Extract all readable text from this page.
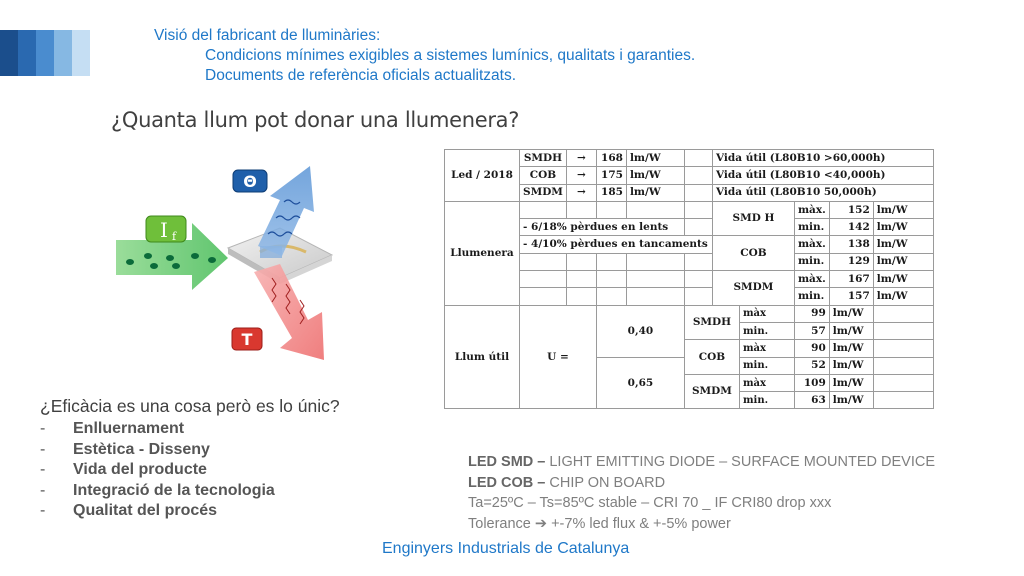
Visió del fabricant de lluminàries:
Condicions mínimes exigibles a sistemes lumínics, qualitats i garanties.
Documents de referència oficials actualitzats.
¿Quanta llum pot donar una llumenera?
Θ
I f
T
Led / 2018	SMDH	→	168	lm/W		Vida útil (L80B10 >60,000h)				
	COB	→	175	lm/W		Vida útil (L80B10 <40,000h)				
	SMDM	→	185	lm/W		Vida útil (L80B10 50,000h)				
Llumenera						SMD H		màx.	152	lm/W
	- 6/18% pèrdues en lents							min.	142	lm/W
	- 4/10% pèrdues en tancaments					COB		màx.	138	lm/W
								min.	129	lm/W
						SMDM		màx.	167	lm/W
								min.	157	lm/W
Llum útil	U =		0,40		SMDH		màx	99	lm/W	
							min.	57	lm/W	
					COB		màx	90	lm/W	
			0,65				min.	52	lm/W	
					SMDM		màx	109	lm/W	
							min.	63	lm/W	
¿Eficàcia es una cosa però es lo únic?
-	Enlluernament
-	Estètica - Disseny
-	Vida del producte
-	Integració de la tecnologia
-	Qualitat del procés
LED SMD – LIGHT EMITTING DIODE – SURFACE MOUNTED DEVICE
LED COB – CHIP ON BOARD
Ta=25ºC – Ts=85ºC stable – CRI 70 _ IF CRI80 drop xxx
Tolerance ➔ +-7% led flux & +-5% power
Enginyers Industrials de Catalunya
